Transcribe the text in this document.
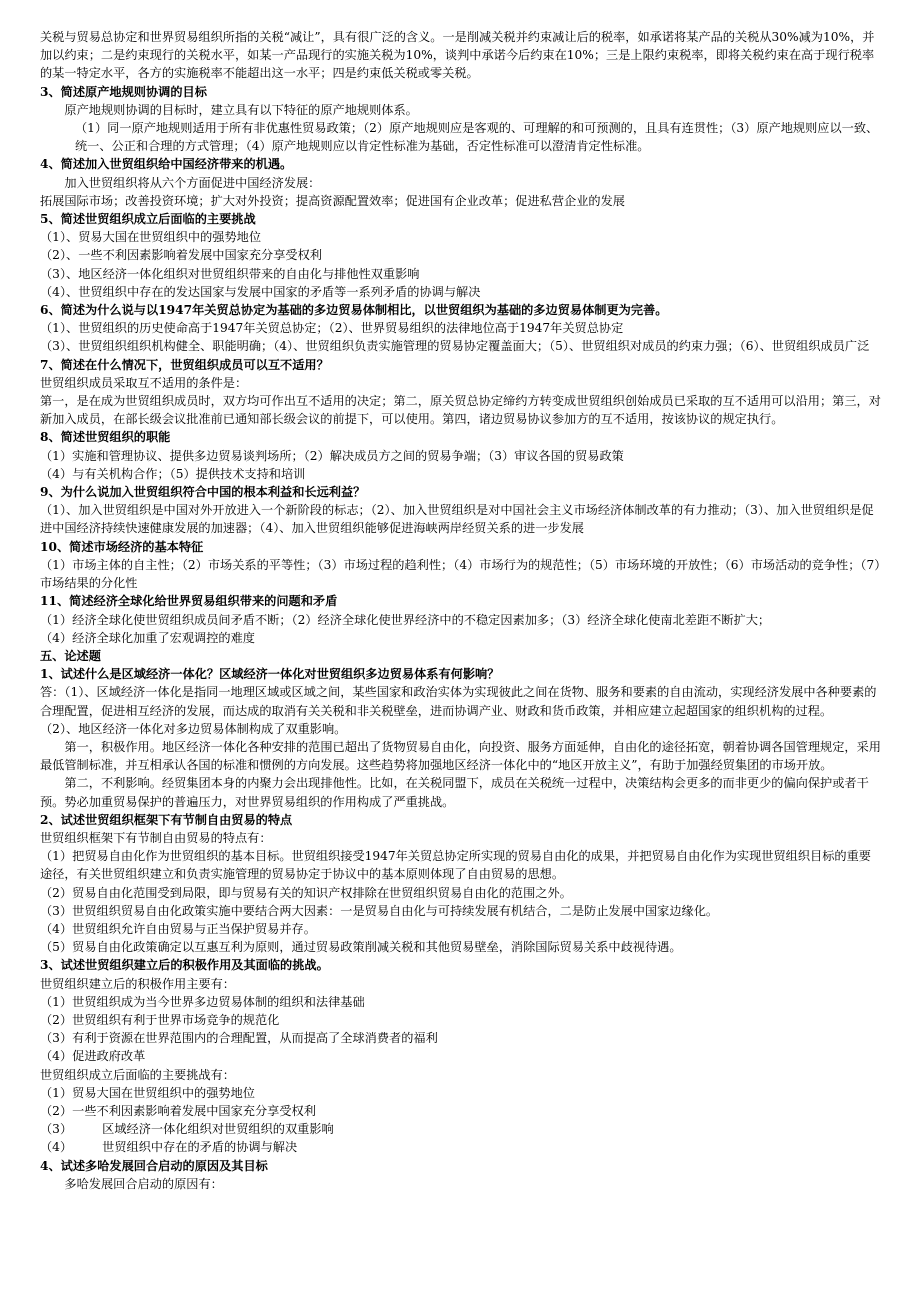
关税与贸易总协定和世界贸易组织所指的关税“减让”，具有很广泛的含义。一是削减关税并约束减让后的税率，如承诺将某产品的关税从30%减为10%，并加以约束；二是约束现行的关税水平，如某一产品现行的实施关税为10%，谈判中承诺今后约束在10%；三是上限约束税率，即将关税约束在高于现行税率的某一特定水平，各方的实施税率不能超出这一水平；四是约束低关税或零关税。
3、简述原产地规则协调的目标
原产地规则协调的目标时，建立具有以下特征的原产地规则体系。
（1）同一原产地规则适用于所有非优惠性贸易政策；（2）原产地规则应是客观的、可理解的和可预测的，且具有连贯性；（3）原产地规则应以一致、统一、公正和合理的方式管理；（4）原产地规则应以肯定性标准为基础，否定性标准可以澄清肯定性标准。
4、简述加入世贸组织给中国经济带来的机遇。
加入世贸组织将从六个方面促进中国经济发展：
拓展国际市场；改善投资环境；扩大对外投资；提高资源配置效率；促进国有企业改革；促进私营企业的发展
5、简述世贸组织成立后面临的主要挑战
（1）、贸易大国在世贸组织中的强势地位
（2）、一些不利因素影响着发展中国家充分享受权利
（3）、地区经济一体化组织对世贸组织带来的自由化与排他性双重影响
（4）、世贸组织中存在的发达国家与发展中国家的矛盾等一系列矛盾的协调与解决
6、简述为什么说与以1947年关贸总协定为基础的多边贸易体制相比，以世贸组织为基础的多边贸易体制更为完善。
（1）、世贸组织的历史使命高于1947年关贸总协定；（2）、世界贸易组织的法律地位高于1947年关贸总协定
（3）、世贸组织组织机构健全、职能明确；（4）、世贸组织负责实施管理的贸易协定覆盖面大；（5）、世贸组织对成员的约束力强；（6）、世贸组织成员广泛
7、简述在什么情况下，世贸组织成员可以互不适用？
世贸组织成员采取互不适用的条件是：
第一，是在成为世贸组织成员时，双方均可作出互不适用的决定；第二，原关贸总协定缔约方转变成世贸组织创始成员已采取的互不适用可以沿用；第三，对新加入成员，在部长级会议批准前已通知部长级会议的前提下，可以使用。第四，诸边贸易协议参加方的互不适用，按该协议的规定执行。
8、简述世贸组织的职能
（1）实施和管理协议、提供多边贸易谈判场所；（2）解决成员方之间的贸易争端；（3）审议各国的贸易政策
（4）与有关机构合作；（5）提供技术支持和培训
9、为什么说加入世贸组织符合中国的根本利益和长远利益？
（1）、加入世贸组织是中国对外开放进入一个新阶段的标志；（2）、加入世贸组织是对中国社会主义市场经济体制改革的有力推动；（3）、加入世贸组织是促进中国经济持续快速健康发展的加速器；（4）、加入世贸组织能够促进海峡两岸经贸关系的进一步发展
10、简述市场经济的基本特征
（1）市场主体的自主性；（2）市场关系的平等性；（3）市场过程的趋利性；（4）市场行为的规范性；（5）市场环境的开放性；（6）市场活动的竞争性；（7）市场结果的分化性
11、简述经济全球化给世界贸易组织带来的问题和矛盾
（1）经济全球化使世贸组织成员间矛盾不断；（2）经济全球化使世界经济中的不稳定因素加多；（3）经济全球化使南北差距不断扩大；
（4）经济全球化加重了宏观调控的难度
五、论述题
1、试述什么是区域经济一体化？区域经济一体化对世贸组织多边贸易体系有何影响？
答：（1）、区域经济一体化是指同一地理区域或区域之间，某些国家和政治实体为实现彼此之间在货物、服务和要素的自由流动，实现经济发展中各种要素的合理配置，促进相互经济的发展，而达成的取消有关关税和非关税壁垒，进而协调产业、财政和货币政策，并相应建立起超国家的组织机构的过程。
（2）、地区经济一体化对多边贸易体制构成了双重影响。
第一，积极作用。地区经济一体化各种安排的范围已超出了货物贸易自由化，向投资、服务方面延伸，自由化的途径拓宽，朝着协调各国管理规定，采用最低管制标准，并互相承认各国的标准和惯例的方向发展。这些趋势将加强地区经济一体化中的“地区开放主义”，有助于加强经贸集团的市场开放。
第二，不利影响。经贸集团本身的内聚力会出现排他性。比如，在关税同盟下，成员在关税统一过程中，决策结构会更多的而非更少的偏向保护或者干预。势必加重贸易保护的普遍压力，对世界贸易组织的作用构成了严重挑战。
2、试述世贸组织框架下有节制自由贸易的特点
世贸组织框架下有节制自由贸易的特点有：
（1）把贸易自由化作为世贸组织的基本目标。世贸组织接受1947年关贸总协定所实现的贸易自由化的成果，并把贸易自由化作为实现世贸组织目标的重要途径，有关世贸组织建立和负责实施管理的贸易协定于协议中的基本原则体现了自由贸易的思想。
（2）贸易自由化范围受到局限，即与贸易有关的知识产权排除在世贸组织贸易自由化的范围之外。
（3）世贸组织贸易自由化政策实施中要结合两大因素：一是贸易自由化与可持续发展有机结合，二是防止发展中国家边缘化。
（4）世贸组织允许自由贸易与正当保护贸易并存。
（5）贸易自由化政策确定以互惠互利为原则，通过贸易政策削减关税和其他贸易壁垒，消除国际贸易关系中歧视待遇。
3、试述世贸组织建立后的积极作用及其面临的挑战。
世贸组织建立后的积极作用主要有：
（1）世贸组织成为当今世界多边贸易体制的组织和法律基础
（2）世贸组织有利于世界市场竞争的规范化
（3）有利于资源在世界范围内的合理配置，从而提高了全球消费者的福利
（4）促进政府改革
世贸组织成立后面临的主要挑战有：
（1）贸易大国在世贸组织中的强势地位
（2）一些不利因素影响着发展中国家充分享受权利
（3） 区域经济一体化组织对世贸组织的双重影响
（4） 世贸组织中存在的矛盾的协调与解决
4、试述多哈发展回合启动的原因及其目标
多哈发展回合启动的原因有：
